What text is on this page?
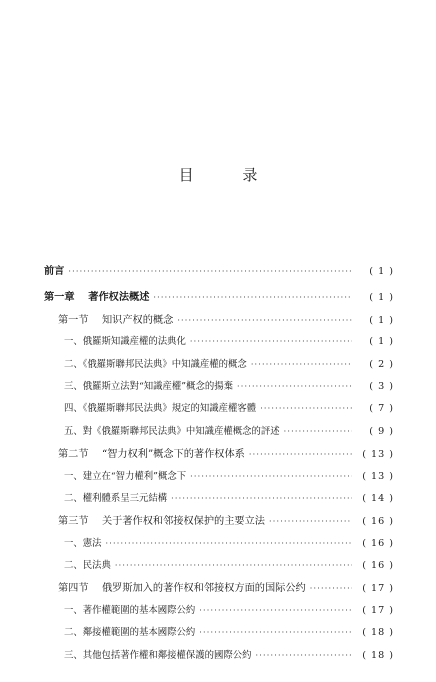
目 录
前言 ·····	( 1 )
第一章　 著作权法概述 ·····	( 1 )
第一节　 知识产权的概念 ·····	( 1 )
一、俄羅斯知識産權的法典化 ·····	( 1 )
二、《俄羅斯聯邦民法典》中知識産權的概念 ·····	( 2 )
三、俄羅斯立法對“知識産權”概念的揚棄 ·····	( 3 )
四、《俄羅斯聯邦民法典》規定的知識産權客體 ·····	( 7 )
五、對《俄羅斯聯邦民法典》中知識産權概念的評述 ·····	( 9 )
第二节　 “智力权利”概念下的著作权体系 ·····	( 13 )
一、建立在“智力權利”概念下 ·····	( 13 )
二、權利體系呈三元結構 ·····	( 14 )
第三节　 关于著作权和邻接权保护的主要立法 ·····	( 16 )
一、憲法 ·····	( 16 )
二、民法典 ·····	( 16 )
第四节　 俄罗斯加入的著作权和邻接权方面的国际公约 ·····	( 17 )
一、著作權範圍的基本國際公約 ·····	( 17 )
二、鄰接權範圍的基本國際公約 ·····	( 18 )
三、其他包括著作權和鄰接權保護的國際公約 ·····	( 18 )
